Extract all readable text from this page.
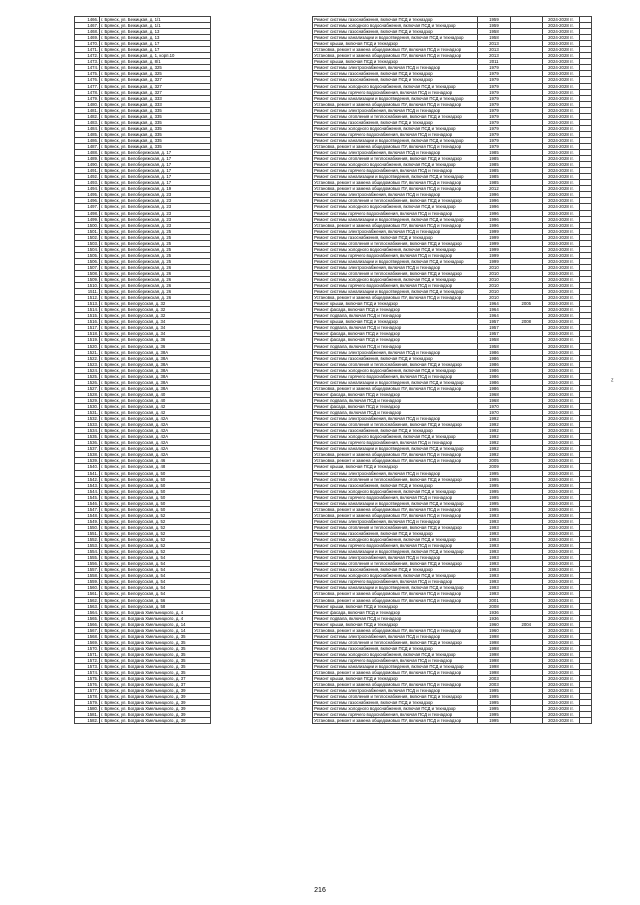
1466.	г. Брянск, ул. Бежицкая, д. 1/1		Ремонт системы газоснабжения, включая ПСД и техназдор	1959		2024-2028 гг.	
1467.	г. Брянск, ул. Бежицкая, д. 1/1		Ремонт системы холодного водоснабжения, включая ПСД и технадзор	1959		2024-2028 гг.	
1468.	г. Брянск, ул. Бежицкая, д. 13		Ремонт системы газоснабжения, включая ПСД и технадзор	1958		2024-2028 гг.	
1469.	г. Брянск, ул. Бежицкая, д. 13		Ремонт системы канализации и водоотведения, включая ПСД и технадзор	1958		2024-2028 гг.	
1470.	г. Брянск, ул. Бежицкая, д. 17		Ремонт крыши, включая ПСД и технадзор	2013		2024-2028 гг.	
1471.	г. Брянск, ул. Бежицкая, д. 17		Установка, ремонт и замена общедомовых ПУ, включая ПСД и технадзор	2013		2024-2028 гг.	
1472.	г. Брянск, ул. Бежицкая, д. 1, корп.10		Установка, ремонт и замена общедомовых ПУ, включая ПСД и технадзор	2013		2024-2028 гг.	
1473.	г. Брянск, ул. Бежицкая, д. 8/1		Ремонт крыши, включая ПСД и технадзор	2011		2024-2028 гг.	
1474.	г. Брянск, ул. Бежицкая, д. 325		Ремонт системы электроснабжения, включая ПСД и технадзор	1979		2024-2028 гг.	
1475.	г. Брянск, ул. Бежицкая, д. 325		Ремонт системы газоснабжения, включая ПСД и технадзор	1979		2024-2028 гг.	
1476.	г. Брянск, ул. Бежицкая, д. 327		Ремонт системы газоснабжения, включая ПСД и технадзор	1979		2024-2028 гг.	
1477.	г. Брянск, ул. Бежицкая, д. 327		Ремонт системы холодного водоснабжения, включая ПСД и технадзор	1979		2024-2028 гг.	
1478.	г. Брянск, ул. Бежицкая, д. 327		Ремонт системы горячего водоснабжения, включая ПСД и технадзор	1979		2024-2028 гг.	
1479.	г. Брянск, ул. Бежицкая, д. 333		Ремонт системы канализации и водоотведения, включая ПСД и технадзор	1979		2024-2028 гг.	
1480.	г. Брянск, ул. Бежицкая, д. 333		Установка, ремонт и замена общедомовых ПУ, включая ПСД и технадзор	1979		2024-2028 гг.	
1481.	г. Брянск, ул. Бежицкая, д. 335		Ремонт системы электроснабжения, включая ПСД и технадзор	1979		2024-2028 гг.	
1482.	г. Брянск, ул. Бежицкая, д. 335		Ремонт системы отопления и теплоснабжения, включая ПСД и технадзор	1979		2024-2028 гг.	
1483.	г. Брянск, ул. Бежицкая, д. 335		Ремонт системы газоснабжения, включая ПСД и технадзор	1979		2024-2028 гг.	
1484.	г. Брянск, ул. Бежицкая, д. 335		Ремонт системы холодного водоснабжения, включая ПСД и технадзор	1979		2024-2028 гг.	
1485.	г. Брянск, ул. Бежицкая, д. 335		Ремонт системы горячего водоснабжения, включая ПСД и технадзор	1979		2024-2028 гг.	
1486.	г. Брянск, ул. Бежицкая, д. 335		Ремонт системы канализации и водоотведения, включая ПСД и технадзор	1979		2024-2028 гг.	
1487.	г. Брянск, ул. Бежицкая, д. 335		Установка, ремонт и замена общедомовых ПУ, включая ПСД и технадзор	1979		2024-2028 гг.	
1488.	г. Брянск, ул. Белобережская, д. 17		Ремонт системы электроснабжения, включая ПСД и технадзор	1985		2024-2028 гг.	
1489.	г. Брянск, ул. Белобережская, д. 17		Ремонт системы отопления и теплоснабжения, включая ПСД и технадзор	1985		2024-2028 гг.	
1490.	г. Брянск, ул. Белобережская, д. 17		Ремонт системы холодного водоснабжения, включая ПСД и технадзор	1985		2024-2028 гг.	
1491.	г. Брянск, ул. Белобережская, д. 17		Ремонт системы горячего водоснабжения, включая ПСД и технадзор	1985		2024-2028 гг.	
1492.	г. Брянск, ул. Белобережская, д. 17		Ремонт системы канализации и водоотведения, включая ПСД и технадзор	1985		2024-2028 гг.	
1493.	г. Брянск, ул. Белобережская, д. 17		Установка, ремонт и замена общедомовых ПУ, включая ПСД и технадзор	1985		2024-2028 гг.	
1494.	г. Брянск, ул. Белобережская, д. 19		Установка, ремонт и замена общедомовых ПУ, включая ПСД и технадзор	2012		2024-2028 гг.	
1495.	г. Брянск, ул. Белобережская, д. 23		Ремонт системы электроснабжения, включая ПСД и технадзор	1996		2024-2028 гг.	
1496.	г. Брянск, ул. Белобережская, д. 23		Ремонт системы отопления и теплоснабжения, включая ПСД и технадзор	1996		2024-2028 гг.	
1497.	г. Брянск, ул. Белобережская, д. 23		Ремонт системы холодного водоснабжения, включая ПСД и технадзор	1996		2024-2028 гг.	
1498.	г. Брянск, ул. Белобережская, д. 23		Ремонт системы горячего водоснабжения, включая ПСД и технадзор	1996		2024-2028 гг.	
1499.	г. Брянск, ул. Белобережская, д. 23		Ремонт системы канализации и водоотведения, включая ПСД и технадзор	1996		2024-2028 гг.	
1500.	г. Брянск, ул. Белобережская, д. 23		Установка, ремонт и замена общедомовых ПУ, включая ПСД и технадзор	1996		2024-2028 гг.	
1501.	г. Брянск, ул. Белобережская, д. 25		Ремонт системы электроснабжения, включая ПСД и технадзор	1999		2024-2028 гг.	
1502.	г. Брянск, ул. Белобережская, д. 25		Ремонт системы газоснабжения, включая ПСД и технадзор	1999		2024-2028 гг.	
1503.	г. Брянск, ул. Белобережская, д. 25		Ремонт системы отопления и теплоснабжения, включая ПСД и технадзор	1999		2024-2028 гг.	
1504.	г. Брянск, ул. Белобережская, д. 25		Ремонт системы холодного водоснабжения, включая ПСД и технадзор	1999		2024-2028 гг.	
1505.	г. Брянск, ул. Белобережская, д. 25		Ремонт системы горячего водоснабжения, включая ПСД и технадзор	1999		2024-2028 гг.	
1506.	г. Брянск, ул. Белобережская, д. 25		Ремонт системы канализации и водоотведения, включая ПСД и технадзор	1999		2024-2028 гг.	
1507.	г. Брянск, ул. Белобережская, д. 26		Ремонт системы электроснабжения, включая ПСД и технадзор	2010		2024-2028 гг.	
1508.	г. Брянск, ул. Белобережская, д. 26		Ремонт системы отопления и теплоснабжения, включая ПСД и технадзор	2010		2024-2028 гг.	
1509.	г. Брянск, ул. Белобережская, д. 26		Ремонт системы холодного водоснабжения, включая ПСД и технадзор	2010		2024-2028 гг.	
1510.	г. Брянск, ул. Белобережская, д. 26		Ремонт системы горячего водоснабжения, включая ПСД и технадзор	2010		2024-2028 гг.	
1511.	г. Брянск, ул. Белобережская, д. 26		Ремонт системы канализации и водоотведения, включая ПСД и технадзор	2010		2024-2028 гг.	
1512.	г. Брянск, ул. Белобережская, д. 26		Установка, ремонт и замена общедомовых ПУ, включая ПСД и технадзор	2010		2024-2028 гг.	
1513.	г. Брянск, ул. Белорусская, д. 32		Ремонт крыши, включая ПСД и технадзор	1964	2005	2024-2028 гг.	
1514.	г. Брянск, ул. Белорусская, д. 32		Ремонт фасада, включая ПСД и технадзор	1964		2024-2028 гг.	
1515.	г. Брянск, ул. Белорусская, д. 32		Ремонт подвала, включая ПСД и технадзор	1964		2024-2028 гг.	
1516.	г. Брянск, ул. Белорусская, д. 34		Ремонт крыши, включая ПСД и технадзор	1957	2008	2024-2028 гг.	
1517.	г. Брянск, ул. Белорусская, д. 34		Ремонт подвала, включая ПСД и технадзор	1957		2024-2028 гг.	
1518.	г. Брянск, ул. Белорусская, д. 34		Ремонт фасада, включая ПСД и технадзор	1957		2024-2028 гг.	
1519.	г. Брянск, ул. Белорусская, д. 36		Ремонт фасада, включая ПСД и технадзор	1958		2024-2028 гг.	
1520.	г. Брянск, ул. Белорусская, д. 36		Ремонт подвала, включая ПСД и технадзор	1958		2024-2028 гг.	
1521.	г. Брянск, ул. Белорусская, д. 38А		Ремонт системы электроснабжения, включая ПСД и технадзор	1986		2024-2028 гг.	
1522.	г. Брянск, ул. Белорусская, д. 38А		Ремонт системы газоснабжения, включая ПСД и технадзор	1986		2024-2028 гг.	
1523.	г. Брянск, ул. Белорусская, д. 38А		Ремонт системы отопления и теплоснабжения, включая ПСД и технадзор	1986		2024-2028 гг.	
1524.	г. Брянск, ул. Белорусская, д. 38А		Ремонт системы холодного водоснабжения, включая ПСД и технадзор	1986		2024-2028 гг.	
1525.	г. Брянск, ул. Белорусская, д. 38А		Ремонт системы горячего водоснабжения, включая ПСД и технадзор	1986		2024-2028 гг.	
1526.	г. Брянск, ул. Белорусская, д. 38А		Ремонт системы канализации и водоотведения, включая ПСД и технадзор	1986		2024-2028 гг.	
1527.	г. Брянск, ул. Белорусская, д. 38А		Установка, ремонт и замена общедомовых ПУ, включая ПСД и технадзор	1986		2024-2028 гг.	
1528.	г. Брянск, ул. Белорусская, д. 40		Ремонт фасада, включая ПСД и технадзор	1968		2024-2028 гг.	
1529.	г. Брянск, ул. Белорусская, д. 40		Ремонт подвала, включая ПСД и технадзор	1968		2024-2028 гг.	
1530.	г. Брянск, ул. Белорусская, д. 42		Ремонт фасада, включая ПСД и технадзор	1970		2024-2028 гг.	
1531.	г. Брянск, ул. Белорусская, д. 42		Ремонт подвала, включая ПСД и технадзор	1970		2024-2028 гг.	
1532.	г. Брянск, ул. Белорусская, д. 42А		Ремонт системы электроснабжения, включая ПСД и технадзор	1992		2024-2028 гг.	
1533.	г. Брянск, ул. Белорусская, д. 42А		Ремонт системы отопления и теплоснабжения, включая ПСД и технадзор	1992		2024-2028 гг.	
1534.	г. Брянск, ул. Белорусская, д. 42А		Ремонт системы газоснабжения, включая ПСД и технадзор	1992		2024-2028 гг.	
1535.	г. Брянск, ул. Белорусская, д. 42А		Ремонт системы холодного водоснабжения, включая ПСД и технадзор	1992		2024-2028 гг.	
1536.	г. Брянск, ул. Белорусская, д. 42А		Ремонт системы горячего водоснабжения, включая ПСД и технадзор	1992		2024-2028 гг.	
1537.	г. Брянск, ул. Белорусская, д. 42А		Ремонт системы канализации и водоотведения, включая ПСД и технадзор	1992		2024-2028 гг.	
1538.	г. Брянск, ул. Белорусская, д. 42А		Установка, ремонт и замена общедомовых ПУ, включая ПСД и технадзор	1992		2024-2028 гг.	
1539.	г. Брянск, ул. Белорусская, д. 46		Установка, ремонт и замена общедомовых ПУ, включая ПСД и технадзор	2005		2024-2028 гг.	
1540.	г. Брянск, ул. Белорусская, д. 48		Ремонт крыши, включая ПСД и технадзор	2009		2024-2028 гг.	
1541.	г. Брянск, ул. Белорусская, д. 50		Ремонт системы электроснабжения, включая ПСД и технадзор	1995		2024-2028 гг.	
1542.	г. Брянск, ул. Белорусская, д. 50		Ремонт системы отопления и теплоснабжения, включая ПСД и технадзор	1995		2024-2028 гг.	
1543.	г. Брянск, ул. Белорусская, д. 50		Ремонт системы газоснабжения, включая ПСД и технадзор	1995		2024-2028 гг.	
1544.	г. Брянск, ул. Белорусская, д. 50		Ремонт системы холодного водоснабжения, включая ПСД и технадзор	1995		2024-2028 гг.	
1545.	г. Брянск, ул. Белорусская, д. 50		Ремонт системы горячего водоснабжения, включая ПСД и технадзор	1995		2024-2028 гг.	
1546.	г. Брянск, ул. Белорусская, д. 50		Ремонт системы канализации и водоотведения, включая ПСД и технадзор	1995		2024-2028 гг.	
1547.	г. Брянск, ул. Белорусская, д. 50		Установка, ремонт и замена общедомовых ПУ, включая ПСД и технадзор	1995		2024-2028 гг.	
1548.	г. Брянск, ул. Белорусская, д. 52		Установка, ремонт и замена общедомовых ПУ, включая ПСД и технадзор	1993		2024-2028 гг.	
1549.	г. Брянск, ул. Белорусская, д. 52		Ремонт системы электроснабжения, включая ПСД и технадзор	1993		2024-2028 гг.	
1550.	г. Брянск, ул. Белорусская, д. 52		Ремонт системы отопления и теплоснабжения, включая ПСД и технадзор	1993		2024-2028 гг.	
1551.	г. Брянск, ул. Белорусская, д. 52		Ремонт системы газоснабжения, включая ПСД и технадзор	1993		2024-2028 гг.	
1552.	г. Брянск, ул. Белорусская, д. 52		Ремонт системы холодного водоснабжения, включая ПСД и технадзор	1993		2024-2028 гг.	
1553.	г. Брянск, ул. Белорусская, д. 52		Ремонт системы горячего водоснабжения, включая ПСД и технадзор	1993		2024-2028 гг.	
1554.	г. Брянск, ул. Белорусская, д. 52		Ремонт системы канализации и водоотведения, включая ПСД и технадзор	1993		2024-2028 гг.	
1555.	г. Брянск, ул. Белорусская, д. 54		Ремонт системы электроснабжения, включая ПСД и технадзор	1993		2024-2028 гг.	
1556.	г. Брянск, ул. Белорусская, д. 54		Ремонт системы отопления и теплоснабжения, включая ПСД и технадзор	1993		2024-2028 гг.	
1557.	г. Брянск, ул. Белорусская, д. 54		Ремонт системы газоснабжения, включая ПСД и технадзор	1993		2024-2028 гг.	
1558.	г. Брянск, ул. Белорусская, д. 54		Ремонт системы холодного водоснабжения, включая ПСД и технадзор	1993		2024-2028 гг.	
1559.	г. Брянск, ул. Белорусская, д. 54		Ремонт системы горячего водоснабжения, включая ПСД и технадзор	1993		2024-2028 гг.	
1560.	г. Брянск, ул. Белорусская, д. 54		Ремонт системы канализации и водоотведения, включая ПСД и технадзор	1993		2024-2028 гг.	
1561.	г. Брянск, ул. Белорусская, д. 54		Установка, ремонт и замена общедомовых ПУ, включая ПСД и технадзор	1993		2024-2028 гг.	
1562.	г. Брянск, ул. Белорусская, д. 56		Установка, ремонт и замена общедомовых ПУ, включая ПСД и технадзор	2001		2024-2028 гг.	
1563.	г. Брянск, ул. Белорусская, д. 58		Ремонт крыши, включая ПСД и технадзор	2008		2024-2028 гг.	
1564.	г. Брянск, ул. Богдана Хмельницкого, д. 4		Ремонт фасада, включая ПСД и технадзор	1936		2024-2028 гг.	
1565.	г. Брянск, ул. Богдана Хмельницкого, д. 4		Ремонт подвала, включая ПСД и технадзор	1936		2024-2028 гг.	
1566.	г. Брянск, ул. Богдана Хмельницкого, д. 14		Ремонт крыши, включая ПСД и технадзор	1960	2004	2024-2028 гг.	
1567.	г. Брянск, ул. Богдана Хмельницкого, д. 14		Установка, ремонт и замена общедомовых ПУ, включая ПСД и технадзор	1960		2024-2028 гг.	
1568.	г. Брянск, ул. Богдана Хмельницкого, д. 35		Ремонт системы электроснабжения, включая ПСД и технадзор	1998		2024-2028 гг.	
1569.	г. Брянск, ул. Богдана Хмельницкого, д. 35		Ремонт системы отопления и теплоснабжения, включая ПСД и технадзор	1998		2024-2028 гг.	
1570.	г. Брянск, ул. Богдана Хмельницкого, д. 35		Ремонт системы газоснабжения, включая ПСД и технадзор	1998		2024-2028 гг.	
1571.	г. Брянск, ул. Богдана Хмельницкого, д. 35		Ремонт системы холодного водоснабжения, включая ПСД и технадзор	1998		2024-2028 гг.	
1572.	г. Брянск, ул. Богдана Хмельницкого, д. 35		Ремонт системы горячего водоснабжения, включая ПСД и технадзор	1998		2024-2028 гг.	
1573.	г. Брянск, ул. Богдана Хмельницкого, д. 35		Ремонт системы канализации и водоотведения, включая ПСД и технадзор	1998		2024-2028 гг.	
1574.	г. Брянск, ул. Богдана Хмельницкого, д. 35		Установка, ремонт и замена общедомовых ПУ, включая ПСД и технадзор	1998		2024-2028 гг.	
1575.	г. Брянск, ул. Богдана Хмельницкого, д. 37		Ремонт крыши, включая ПСД и технадзор	2003		2024-2028 гг.	
1576.	г. Брянск, ул. Богдана Хмельницкого, д. 37		Установка, ремонт и замена общедомовых ПУ, включая ПСД и технадзор	2003		2024-2028 гг.	
1577.	г. Брянск, ул. Богдана Хмельницкого, д. 39		Ремонт системы электроснабжения, включая ПСД и технадзор	1995		2024-2028 гг.	
1578.	г. Брянск, ул. Богдана Хмельницкого, д. 39		Ремонт системы отопления и теплоснабжения, включая ПСД и технадзор	1995		2024-2028 гг.	
1579.	г. Брянск, ул. Богдана Хмельницкого, д. 39		Ремонт системы газоснабжения, включая ПСД и технадзор	1995		2024-2028 гг.	
1580.	г. Брянск, ул. Богдана Хмельницкого, д. 39		Ремонт системы холодного водоснабжения, включая ПСД и технадзор	1995		2024-2028 гг.	
1581.	г. Брянск, ул. Богдана Хмельницкого, д. 39		Ремонт системы горячего водоснабжения, включая ПСД и технадзор	1995		2024-2028 гг.	
1582.	г. Брянск, ул. Богдана Хмельницкого, д. 39		Установка, ремонт и замена общедомовых ПУ, включая ПСД и технадзор	1995		2024-2028 гг.	
ᶻ
216
